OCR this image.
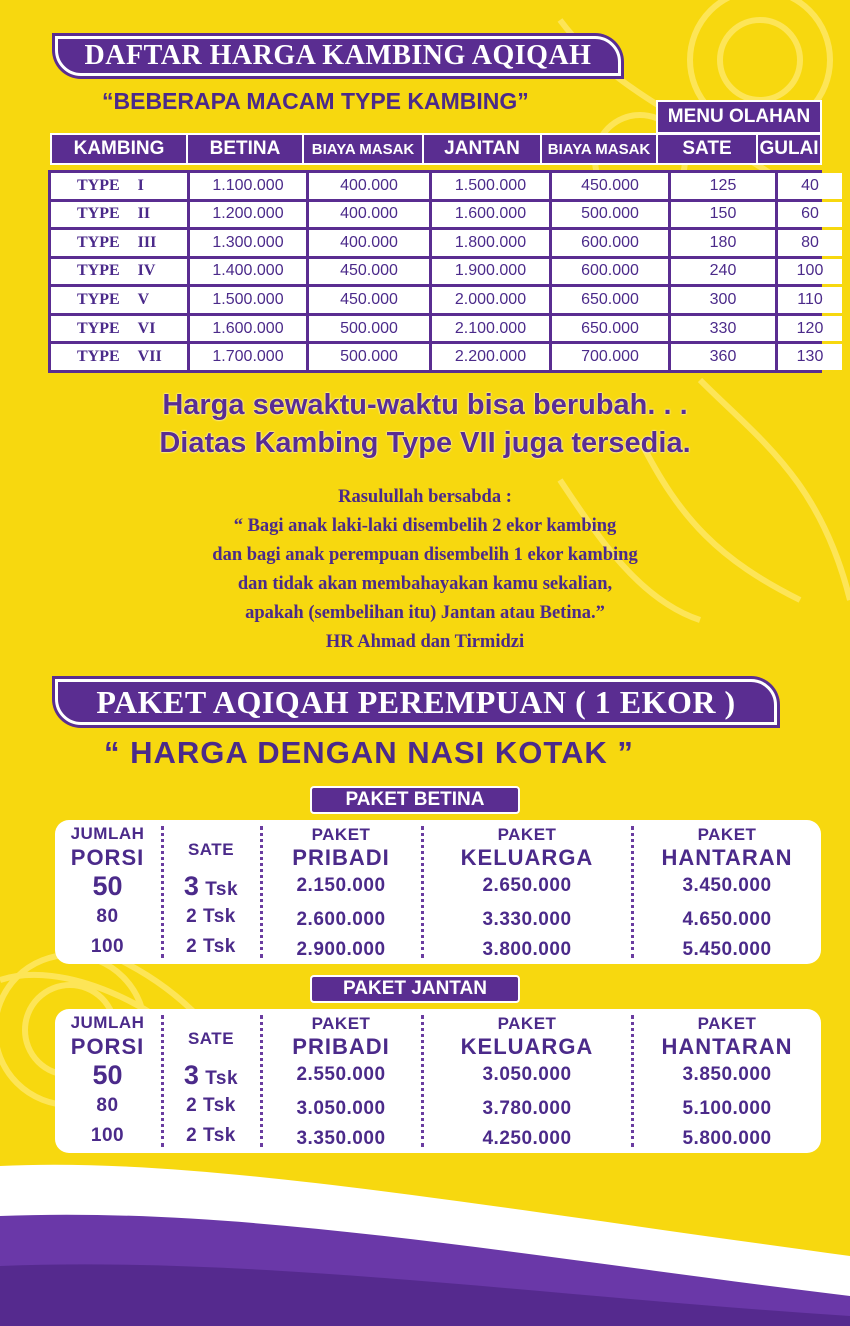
DAFTAR HARGA KAMBING AQIQAH
“BEBERAPA MACAM TYPE KAMBING”
MENU OLAHAN
KAMBING BETINA BIAYA MASAK JANTAN BIAYA MASAK SATE GULAI
TYPE I	1.100.000	400.000	1.500.000	450.000	125	40
TYPE II	1.200.000	400.000	1.600.000	500.000	150	60
TYPE III	1.300.000	400.000	1.800.000	600.000	180	80
TYPE IV	1.400.000	450.000	1.900.000	600.000	240	100
TYPE V	1.500.000	450.000	2.000.000	650.000	300	110
TYPE VI	1.600.000	500.000	2.100.000	650.000	330	120
TYPE VII	1.700.000	500.000	2.200.000	700.000	360	130
Harga sewaktu-waktu bisa berubah. . .
Diatas Kambing Type VII juga tersedia.
Rasulullah bersabda :
“ Bagi anak laki-laki disembelih 2 ekor kambing
dan bagi anak perempuan disembelih 1 ekor kambing
dan tidak akan membahayakan kamu sekalian,
apakah (sembelihan itu) Jantan atau Betina.”
HR Ahmad dan Tirmidzi
PAKET AQIQAH PEREMPUAN ( 1 EKOR )
“ HARGA DENGAN NASI KOTAK ”
PAKET BETINA
JUMLAH
PORSI	SATE
PAKET
PRIBADI
PAKET
KELUARGA
PAKET
HANTARAN
50	3 Tsk	2.150.000	2.650.000	3.450.000
80	2 Tsk	2.600.000	3.330.000	4.650.000
100	2 Tsk	2.900.000	3.800.000	5.450.000
PAKET JANTAN
JUMLAH
PORSI	SATE
PAKET
PRIBADI
PAKET
KELUARGA
PAKET
HANTARAN
50	3 Tsk	2.550.000	3.050.000	3.850.000
80	2 Tsk	3.050.000	3.780.000	5.100.000
100	2 Tsk	3.350.000	4.250.000	5.800.000
